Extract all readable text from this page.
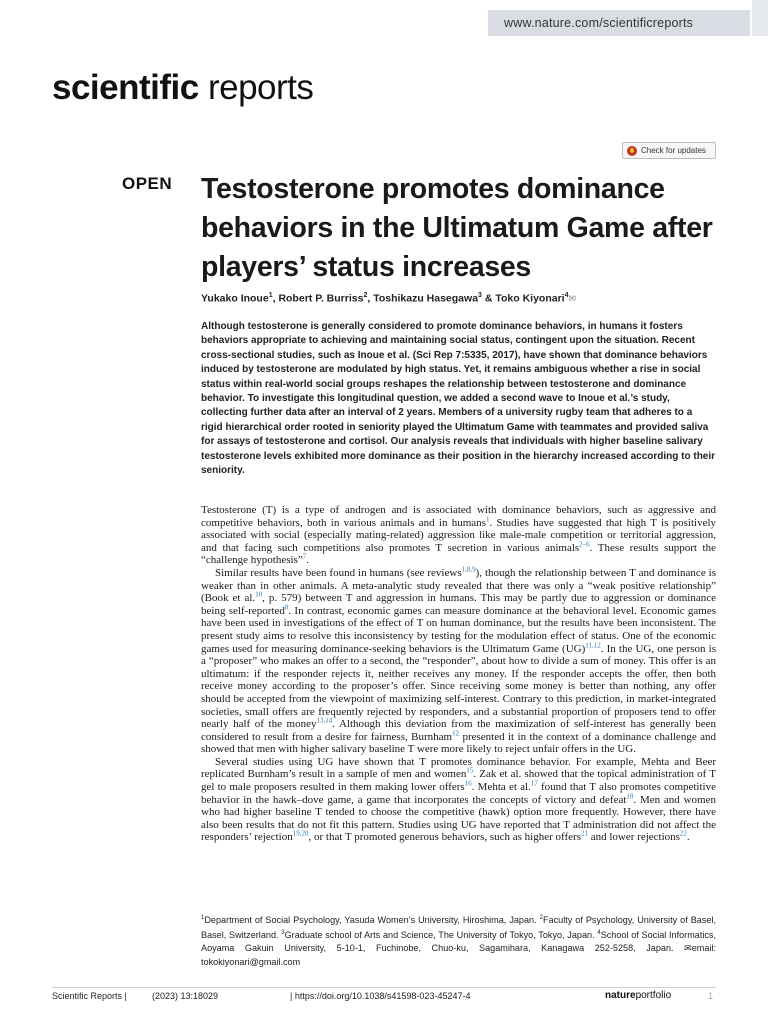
www.nature.com/scientificreports
scientific reports
Check for updates
OPEN Testosterone promotes dominance behaviors in the Ultimatum Game after players’ status increases
Yukako Inoue$^1$, Robert P. Burriss$^2$, Toshikazu Hasegawa$^3$ & Toko Kiyonari$^4$✉

Although testosterone is generally considered to promote dominance behaviors, in humans it fosters behaviors appropriate to achieving and maintaining social status, contingent upon the situation. Recent cross-sectional studies, such as Inoue et al. (Sci Rep 7:5335, 2017), have shown that dominance behaviors induced by testosterone are modulated by high status. Yet, it remains ambiguous whether a rise in social status within real-world social groups reshapes the relationship between testosterone and dominance behavior. To investigate this longitudinal question, we added a second wave to Inoue et al.’s study, collecting further data after an interval of 2 years. Members of a university rugby team that adheres to a rigid hierarchical order rooted in seniority played the Ultimatum Game with teammates and provided saliva for assays of testosterone and cortisol. Our analysis reveals that individuals with higher baseline salivary testosterone levels exhibited more dominance as their position in the hierarchy increased according to their seniority.

Testosterone (T) is a type of androgen and is associated with dominance behaviors, such as aggressive and competitive behaviors, both in various animals and in humans$^1$. Studies have suggested that high T is positively associated with social (especially mating-related) aggression like male-male competition or territorial aggression, and that facing such competitions also promotes T secretion in various animals$^{2-6}$. These results support the “challenge hypothesis”$^7$.

Similar results have been found in humans (see reviews$^{1,8,9}$), though the relationship between T and dominance is weaker than in other animals. A meta-analytic study revealed that there was only a “weak positive relationship” (Book et al.$^{10}$, p. 579) between T and aggression in humans. This may be partly due to aggression or dominance being self-reported$^8$. In contrast, economic games can measure dominance at the behavioral level. Economic games have been used in investigations of the effect of T on human dominance, but the results have been inconsistent. The present study aims to resolve this inconsistency by testing for the modulation effect of status. One of the economic games used for measuring dominance-seeking behaviors is the Ultimatum Game (UG)$^{11,12}$. In the UG, one person is a “proposer” who makes an offer to a second, the “responder”, about how to divide a sum of money. This offer is an ultimatum: if the responder rejects it, neither receives any money. If the responder accepts the offer, then both receive money according to the proposer’s offer. Since receiving some money is better than nothing, any offer should be accepted from the viewpoint of maximizing self-interest. Contrary to this prediction, in market-integrated societies, small offers are frequently rejected by responders, and a substantial proportion of proposers tend to offer nearly half of the money$^{13,14}$. Although this deviation from the maximization of self-interest has generally been considered to result from a desire for fairness, Burnham$^{12}$ presented it in the context of a dominance challenge and showed that men with higher salivary baseline T were more likely to reject unfair offers in the UG.

Several studies using UG have shown that T promotes dominance behavior. For example, Mehta and Beer replicated Burnham’s result in a sample of men and women$^{15}$. Zak et al. showed that the topical administration of T gel to male proposers resulted in them making lower offers$^{16}$. Mehta et al.$^{17}$ found that T also promotes competitive behavior in the hawk–dove game, a game that incorporates the concepts of victory and defeat$^{18}$. Men and women who had higher baseline T tended to choose the competitive (hawk) option more frequently. However, there have also been results that do not fit this pattern. Studies using UG have reported that T administration did not affect the responders’ rejection$^{19,20}$, or that T promoted generous behaviors, such as higher offers$^{21}$ and lower rejections$^{22}$.

$^1$Department of Social Psychology, Yasuda Women’s University, Hiroshima, Japan. $^2$Faculty of Psychology, University of Basel, Basel, Switzerland. $^3$Graduate school of Arts and Science, The University of Tokyo, Tokyo, Japan. $^4$School of Social Informatics, Aoyama Gakuin University, 5-10-1, Fuchinobe, Chuo-ku, Sagamihara, Kanagawa 252-5258, Japan. ✉email: tokokiyonari@gmail.com

Scientific Reports |	(2023) 13:18029	| https://doi.org/10.1038/s41598-023-45247-4	natureportfolio	1
